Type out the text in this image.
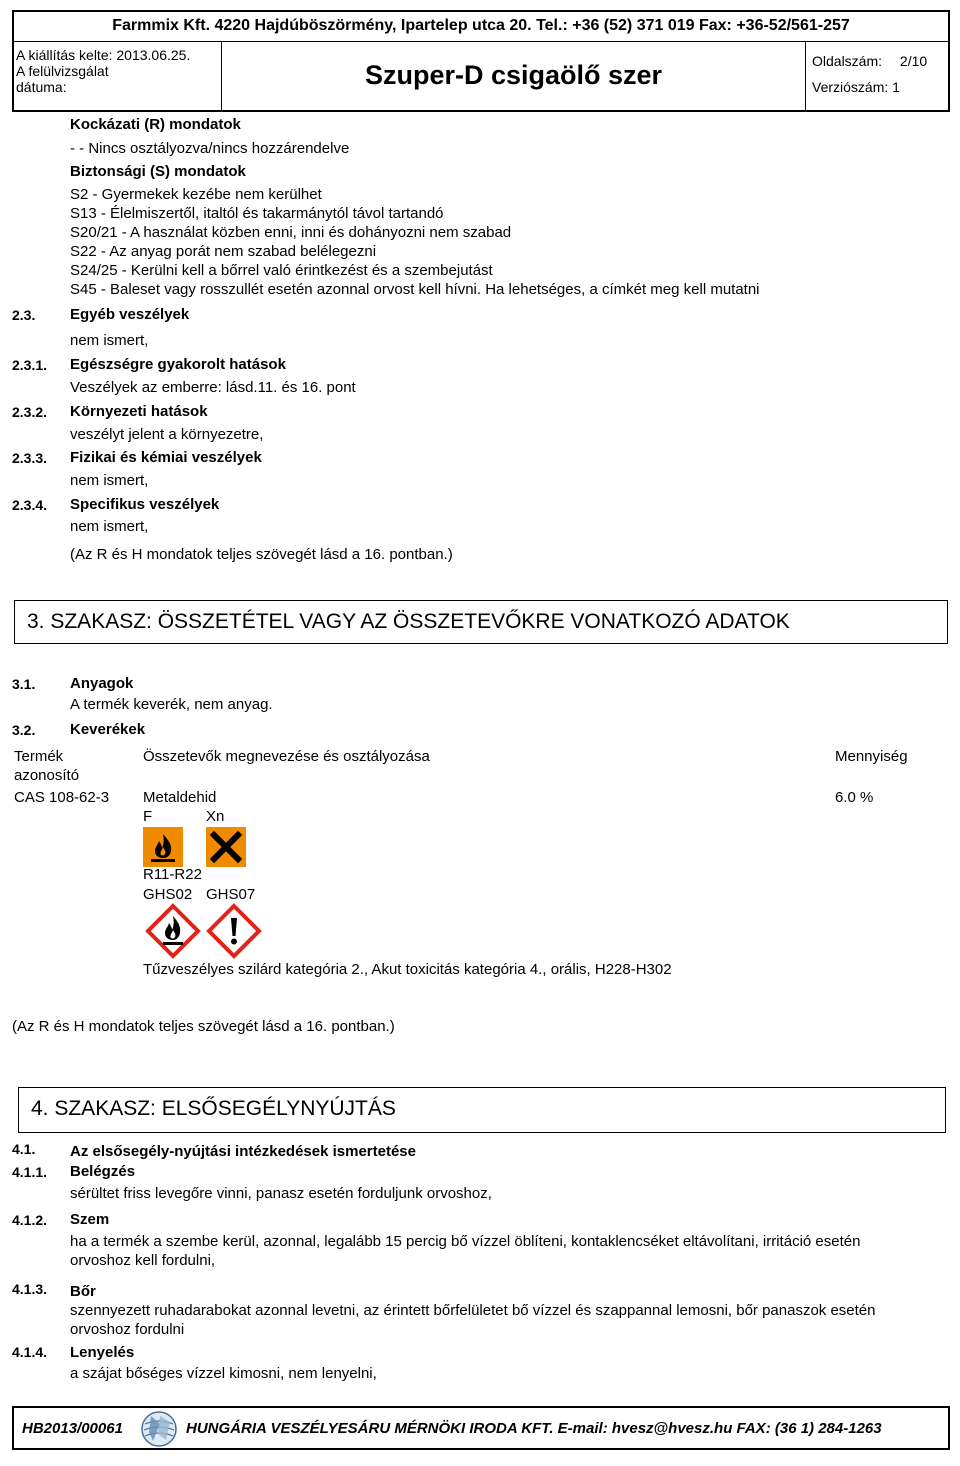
Farmmix Kft. 4220 Hajdúböszörmény, Ipartelep utca 20. Tel.: +36 (52) 371 019 Fax: +36-52/561-257
A kiállítás kelte: 2013.06.25.
A felülvizsgálat
dátuma:	Szuper-D csigaölő szer	Oldalszám: 2/10
Verziószám: 1
Kockázati (R) mondatok
- - Nincs osztályozva/nincs hozzárendelve
Biztonsági (S) mondatok
S2 - Gyermekek kezébe nem kerülhet
S13 - Élelmiszertől, italtól és takarmánytól távol tartandó
S20/21 - A használat közben enni, inni és dohányozni nem szabad
S22 - Az anyag porát nem szabad belélegezni
S24/25 - Kerülni kell a bőrrel való érintkezést és a szembejutást
S45 - Baleset vagy rosszullét esetén azonnal orvost kell hívni. Ha lehetséges, a címkét meg kell mutatni
2.3. Egyéb veszélyek
nem ismert,
2.3.1. Egészségre gyakorolt hatások
Veszélyek az emberre: lásd.11. és 16. pont
2.3.2. Környezeti hatások
veszélyt jelent a környezetre,
2.3.3. Fizikai és kémiai veszélyek
nem ismert,
2.3.4. Specifikus veszélyek
nem ismert,
(Az R és H mondatok teljes szövegét lásd a 16. pontban.)
3. SZAKASZ: ÖSSZETÉTEL VAGY AZ ÖSSZETEVŐKRE VONATKOZÓ ADATOK
3.1. Anyagok
A termék keverék, nem anyag.
3.2. Keverékek
Termék
azonosító
Összetevők megnevezése és osztályozása	Mennyiség
CAS 108-62-3 Metaldehid	6.0 %
F	Xn
R11-R22
GHS02 GHS07
Tűzveszélyes szilárd kategória 2., Akut toxicitás kategória 4., orális, H228-H302
(Az R és H mondatok teljes szövegét lásd a 16. pontban.)
4. SZAKASZ: ELSŐSEGÉLYNYÚJTÁS
4.1. Az elsősegély-nyújtási intézkedések ismertetése
4.1.1. Belégzés
sérültet friss levegőre vinni, panasz esetén forduljunk orvoshoz,
4.1.2. Szem
ha a termék a szembe kerül, azonnal, legalább 15 percig bő vízzel öblíteni, kontaklencséket eltávolítani, irritáció esetén
orvoshoz kell fordulni,
4.1.3. Bőr
szennyezett ruhadarabokat azonnal levetni, az érintett bőrfelületet bő vízzel és szappannal lemosni, bőr panaszok esetén
orvoshoz fordulni
4.1.4. Lenyelés
a szájat bőséges vízzel kimosni, nem lenyelni,
HB2013/00061	HUNGÁRIA VESZÉLYESÁRU MÉRNÖKI IRODA KFT. E-mail: hvesz@hvesz.hu FAX: (36 1) 284-1263
